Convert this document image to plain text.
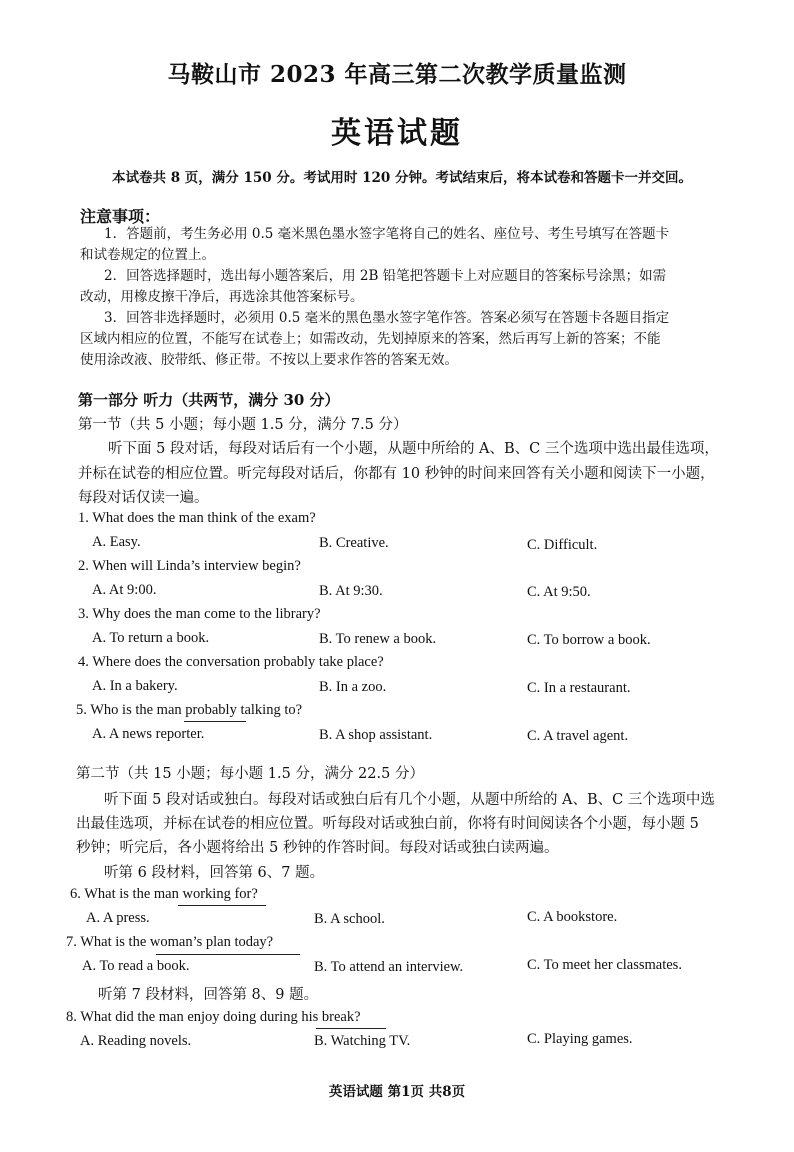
马鞍山市 2023 年高三第二次教学质量监测
英语试题
本试卷共 8 页，满分 150 分。考试用时 120 分钟。考试结束后，将本试卷和答题卡一并交回。
注意事项：
1．答题前，考生务必用 0.5 毫米黑色墨水签字笔将自己的姓名、座位号、考生号填写在答题卡
和试卷规定的位置上。
2．回答选择题时，选出每小题答案后，用 2B 铅笔把答题卡上对应题目的答案标号涂黑；如需
改动，用橡皮擦干净后，再选涂其他答案标号。
3．回答非选择题时，必须用 0.5 毫米的黑色墨水签字笔作答。答案必须写在答题卡各题目指定
区域内相应的位置，不能写在试卷上；如需改动，先划掉原来的答案，然后再写上新的答案；不能
使用涂改液、胶带纸、修正带。不按以上要求作答的答案无效。
第一部分 听力（共两节，满分 30 分）
第一节（共 5 小题；每小题 1.5 分，满分 7.5 分）
听下面 5 段对话，每段对话后有一个小题，从题中所给的 A、B、C 三个选项中选出最佳选项，
并标在试卷的相应位置。听完每段对话后，你都有 10 秒钟的时间来回答有关小题和阅读下一小题，
每段对话仅读一遍。
1. What does the man think of the exam?
A. Easy.	B. Creative.	C. Difficult.
2. When will Linda’s interview begin?
A. At 9:00.	B. At 9:30.	C. At 9:50.
3. Why does the man come to the library?
A. To return a book.	B. To renew a book.	C. To borrow a book.
4. Where does the conversation probably take place?
A. In a bakery.	B. In a zoo.	C. In a restaurant.
5. Who is the man probably talking to?
A. A news reporter.	B. A shop assistant.	C. A travel agent.
第二节（共 15 小题；每小题 1.5 分，满分 22.5 分）
听下面 5 段对话或独白。每段对话或独白后有几个小题，从题中所给的 A、B、C 三个选项中选
出最佳选项，并标在试卷的相应位置。听每段对话或独白前，你将有时间阅读各个小题，每小题 5
秒钟；听完后，各小题将给出 5 秒钟的作答时间。每段对话或独白读两遍。
听第 6 段材料，回答第 6、7 题。
6. What is the man working for?
A. A press.	B. A school.	C. A bookstore.
7. What is the woman’s plan today?
A. To read a book.	B. To attend an interview.	C. To meet her classmates.
听第 7 段材料，回答第 8、9 题。
8. What did the man enjoy doing during his break?
A. Reading novels.	B. Watching TV.	C. Playing games.
英语试题 第1页 共8页
